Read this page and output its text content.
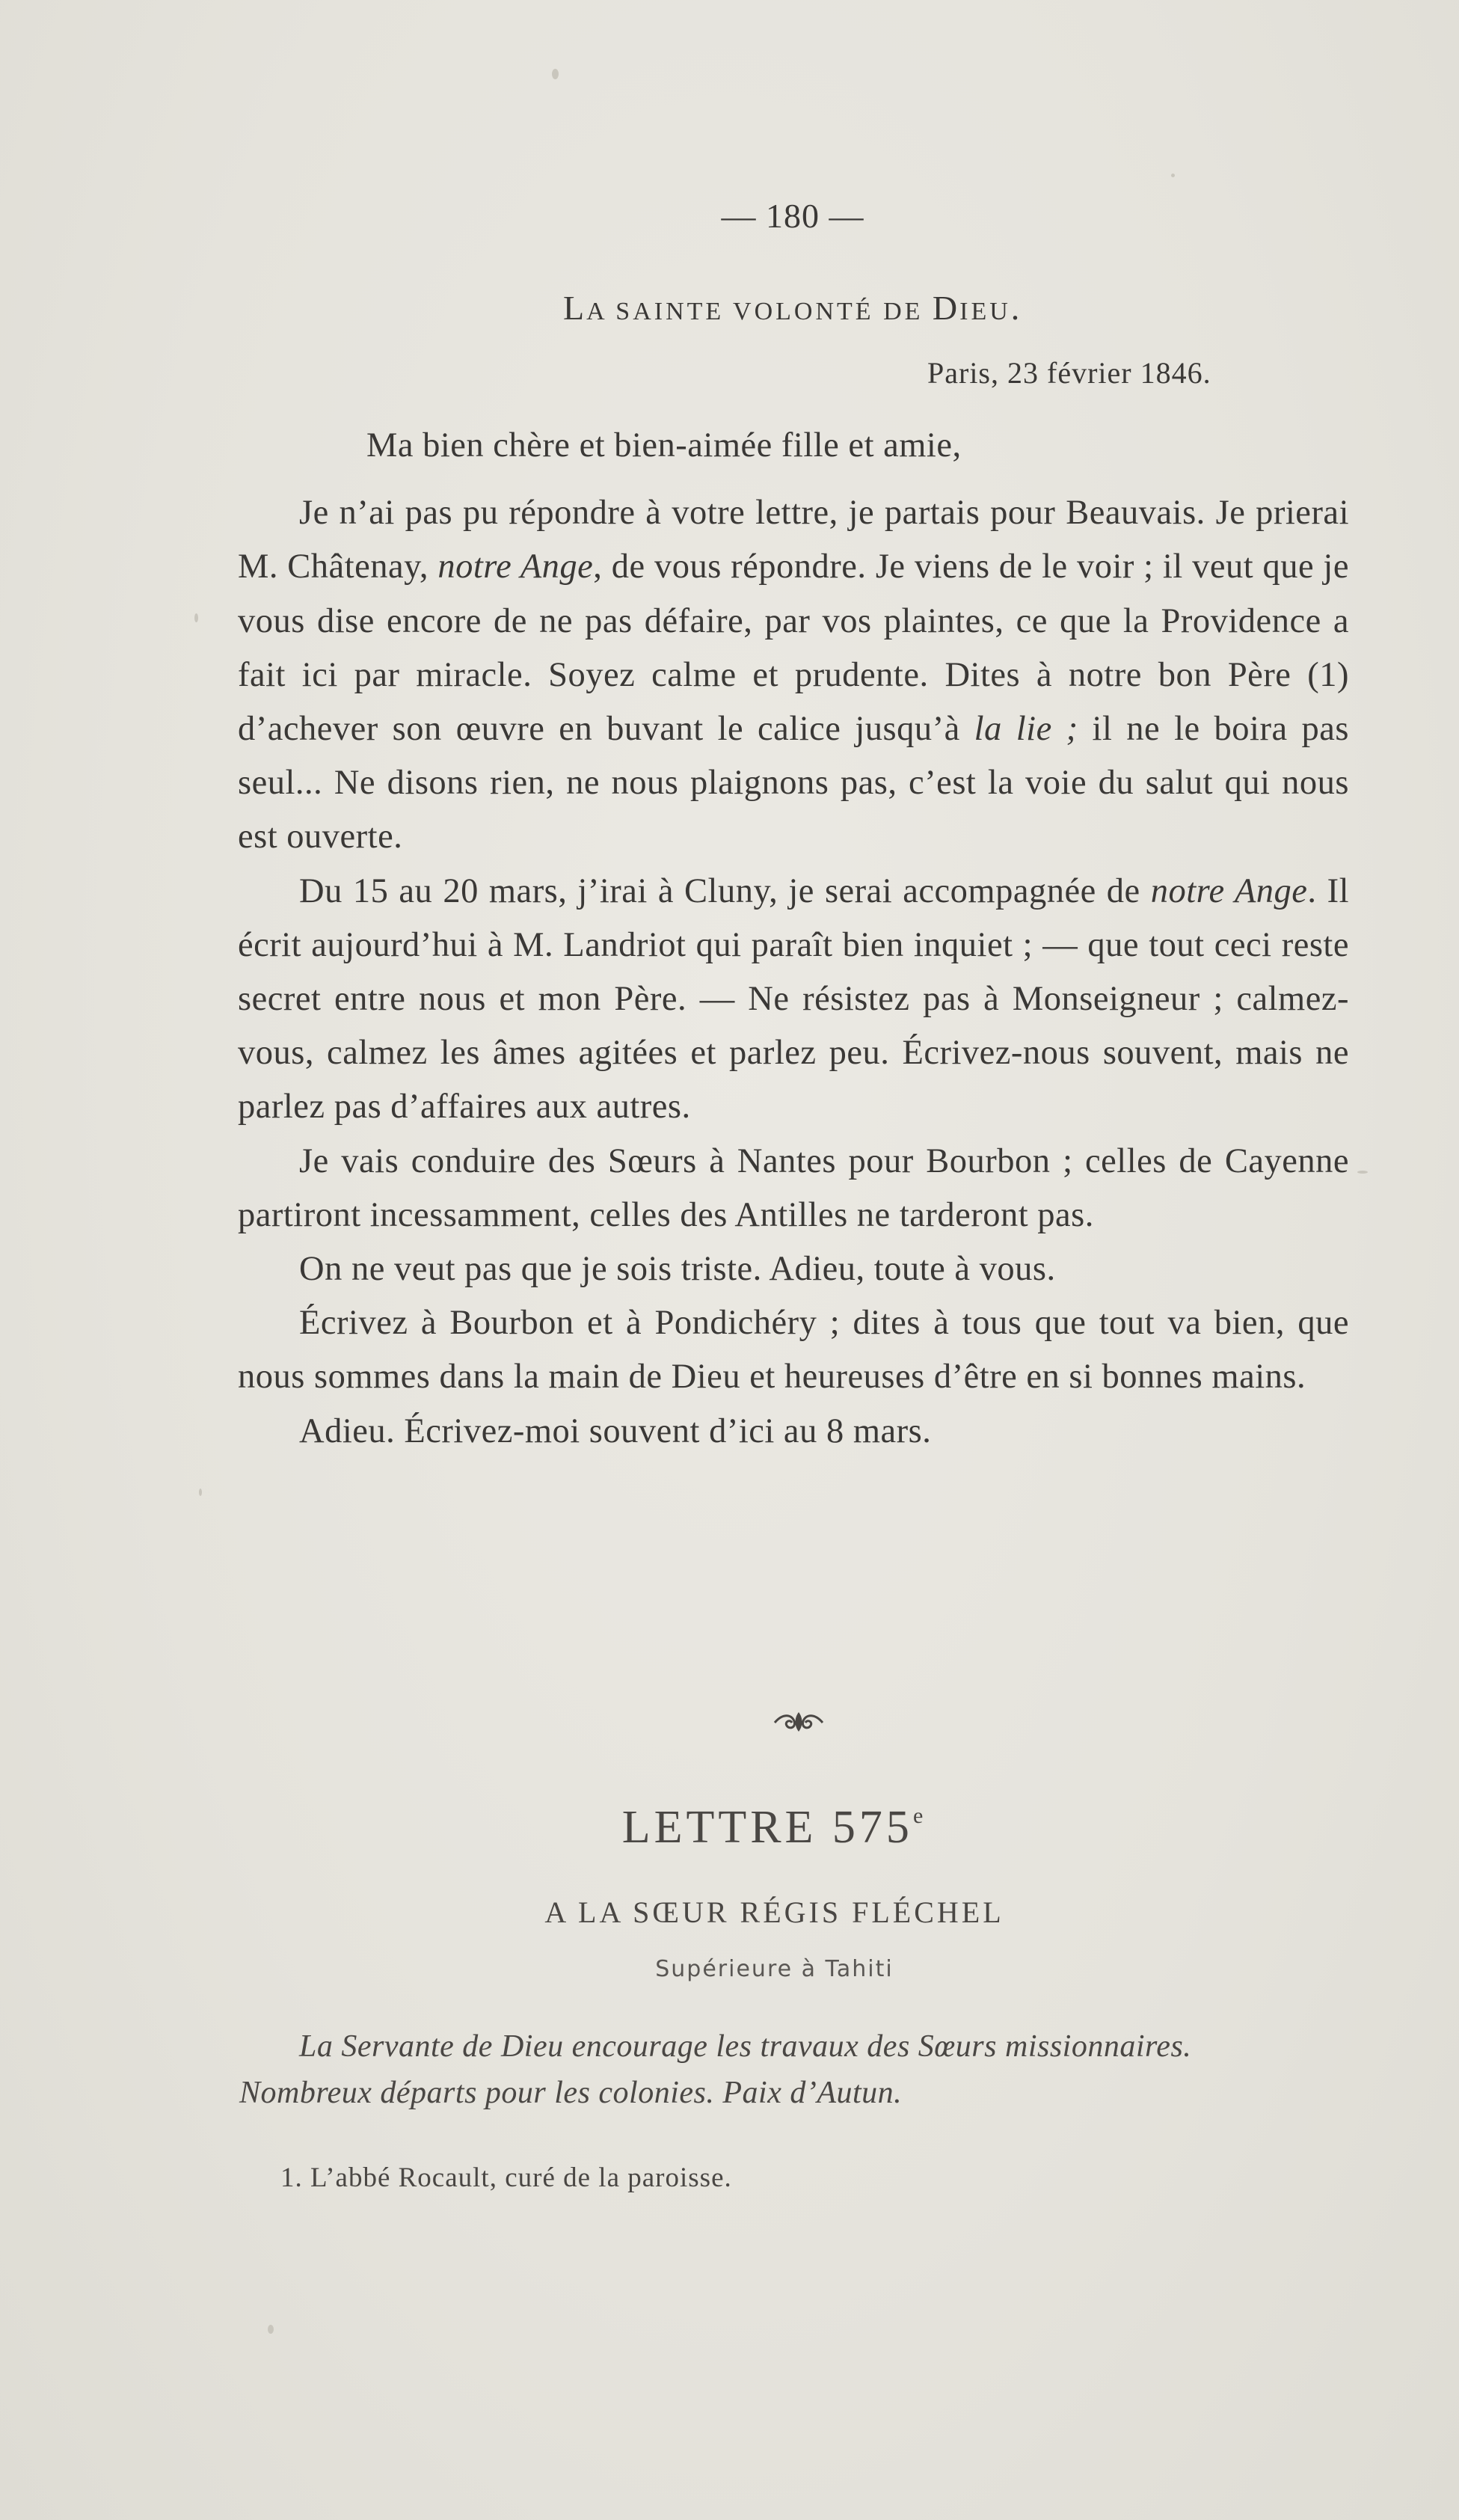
— 180 —
LA SAINTE VOLONTÉ DE DIEU.
Paris, 23 février 1846.

Ma bien chère et bien-aimée fille et amie,

Je n’ai pas pu répondre à votre lettre, je partais pour Beauvais. Je prierai M. Châtenay, notre Ange, de vous répondre. Je viens de le voir ; il veut que je vous dise encore de ne pas défaire, par vos plaintes, ce que la Providence a fait ici par miracle. Soyez calme et prudente. Dites à notre bon Père (1) d’achever son œuvre en buvant le calice jusqu’à la lie ; il ne le boira pas seul... Ne disons rien, ne nous plaignons pas, c’est la voie du salut qui nous est ouverte.

Du 15 au 20 mars, j’irai à Cluny, je serai accompagnée de notre Ange. Il écrit aujourd’hui à M. Landriot qui paraît bien inquiet ; — que tout ceci reste secret entre nous et mon Père. — Ne résistez pas à Monseigneur ; calmez-vous, calmez les âmes agitées et parlez peu. Écrivez-nous souvent, mais ne parlez pas d’affaires aux autres.

Je vais conduire des Sœurs à Nantes pour Bourbon ; celles de Cayenne partiront incessamment, celles des Antilles ne tarderont pas.

On ne veut pas que je sois triste. Adieu, toute à vous.

Écrivez à Bourbon et à Pondichéry ; dites à tous que tout va bien, que nous sommes dans la main de Dieu et heureuses d’être en si bonnes mains.

Adieu. Écrivez-moi souvent d’ici au 8 mars.

LETTRE 575e
A LA SŒUR RÉGIS FLÉCHEL
Supérieure à Tahiti
La Servante de Dieu encourage les travaux des Sœurs missionnaires.
Nombreux départs pour les colonies. Paix d’Autun.
1. L’abbé Rocault, curé de la paroisse.
